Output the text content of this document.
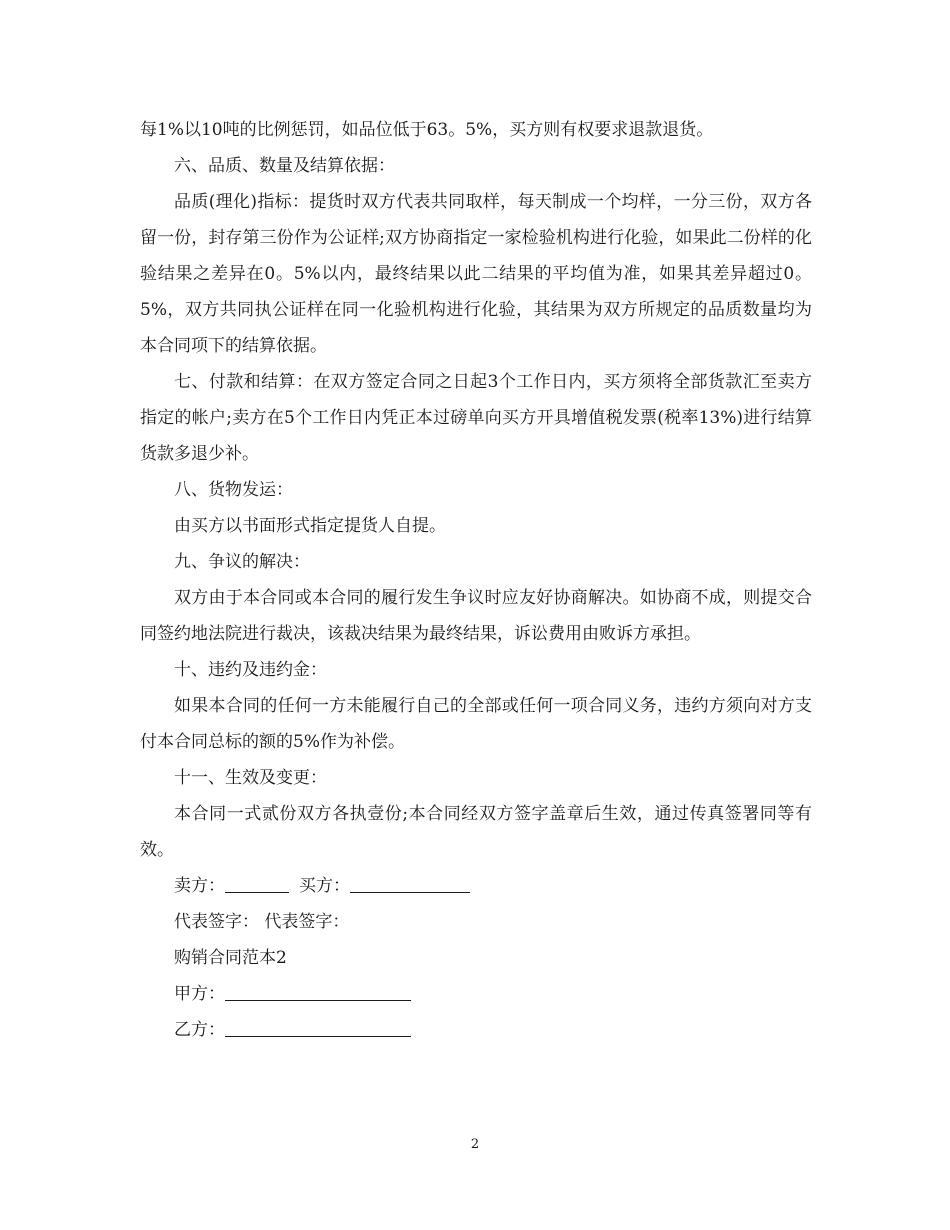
每1%以10吨的比例惩罚，如品位低于63。5%，买方则有权要求退款退货。

六、品质、数量及结算依据：

品质(理化)指标：提货时双方代表共同取样，每天制成一个均样，一分三份，双方各留一份，封存第三份作为公证样;双方协商指定一家检验机构进行化验，如果此二份样的化验结果之差异在0。5%以内，最终结果以此二结果的平均值为准，如果其差异超过0。5%，双方共同执公证样在同一化验机构进行化验，其结果为双方所规定的品质数量均为本合同项下的结算依据。

七、付款和结算：在双方签定合同之日起3个工作日内，买方须将全部货款汇至卖方指定的帐户;卖方在5个工作日内凭正本过磅单向买方开具增值税发票(税率13%)进行结算货款多退少补。

八、货物发运：

由买方以书面形式指定提货人自提。

九、争议的解决：

双方由于本合同或本合同的履行发生争议时应友好协商解决。如协商不成，则提交合同签约地法院进行裁决，该裁决结果为最终结果，诉讼费用由败诉方承担。

十、违约及违约金：

如果本合同的任何一方未能履行自己的全部或任何一项合同义务，违约方须向对方支付本合同总标的额的5%作为补偿。

十一、生效及变更：

本合同一式贰份双方各执壹份;本合同经双方签字盖章后生效，通过传真签署同等有效。

卖方：	买方：
代表签字： 代表签字：
购销合同范本2
甲方：
乙方：
2
